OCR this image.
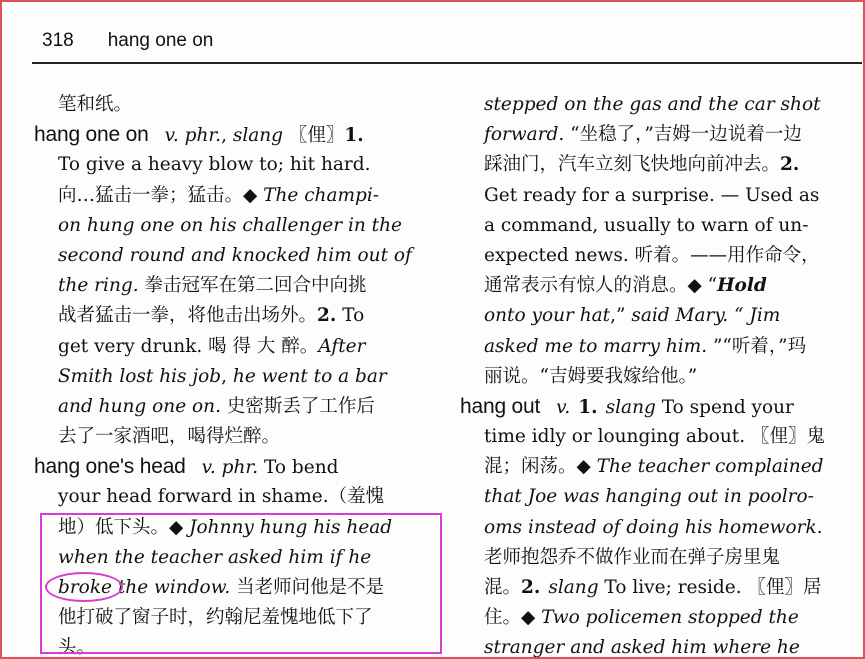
318 hang one on
笔和纸。
hang one on v. phr., slang 〖俚〗1.
To give a heavy blow to; hit hard.
向…猛击一拳；猛击。◆ The champi-
on hung one on his challenger in the
second round and knocked him out of
the ring. 拳击冠军在第二回合中向挑
战者猛击一拳，将他击出场外。2. To
get very drunk. 喝 得 大 醉。After
Smith lost his job, he went to a bar
and hung one on. 史密斯丢了工作后
去了一家酒吧，喝得烂醉。
hang one's head v. phr. To bend
your head forward in shame.（羞愧
地）低下头。◆ Johnny hung his head
when the teacher asked him if he
broke the window. 当老师问他是不是
他打破了窗子时，约翰尼羞愧地低下了
头。
stepped on the gas and the car shot
forward. “坐稳了，”吉姆一边说着一边
踩油门，汽车立刻飞快地向前冲去。2.
Get ready for a surprise. — Used as
a command, usually to warn of un-
expected news. 听着。——用作命令，
通常表示有惊人的消息。◆ “Hold
onto your hat,” said Mary. “ Jim
asked me to marry him. ”“听着，”玛
丽说。“吉姆要我嫁给他。”
hang out v. 1. slang To spend your
time idly or lounging about. 〖俚〗鬼
混；闲荡。◆ The teacher complained
that Joe was hanging out in poolro-
oms instead of doing his homework.
老师抱怨乔不做作业而在弹子房里鬼
混。2. slang To live; reside. 〖俚〗居
住。◆ Two policemen stopped the
stranger and asked him where he
